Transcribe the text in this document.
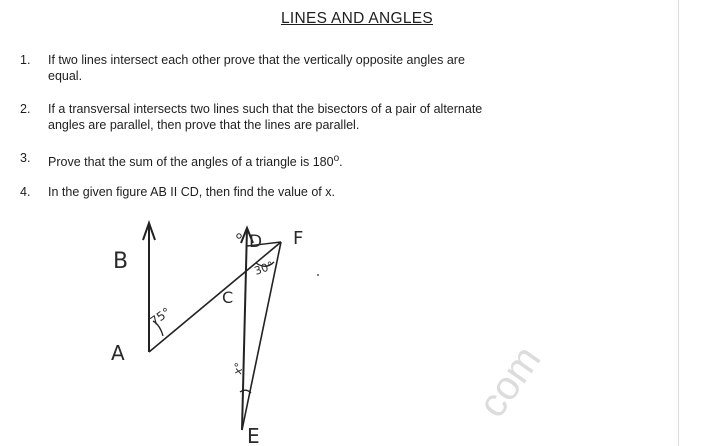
LINES AND ANGLES
1.	If two lines intersect each other prove that the vertically opposite angles are
equal.
2.	If a transversal intersects two lines such that the bisectors of a pair of alternate
angles are parallel, then prove that the lines are parallel.
3.	Prove that the sum of the angles of a triangle is 180$^o$.
4.	In the given figure AB II CD, then find the value of x.
B
A
C
D
E
F
75°
30°
x°	com
